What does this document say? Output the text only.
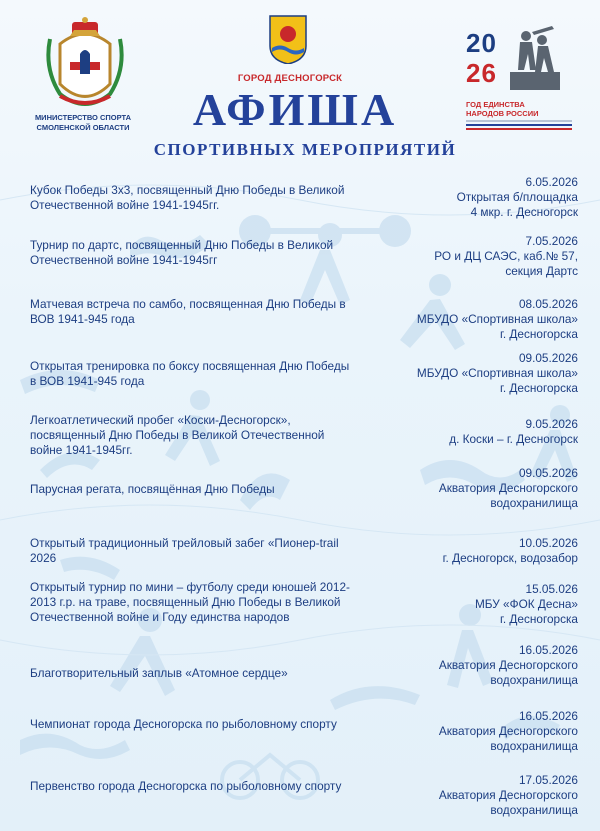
МИНИСТЕРСТВО СПОРТА
СМОЛЕНСКОЙ ОБЛАСТИ
ГОРОД ДЕСНОГОРСК
АФИША
СПОРТИВНЫХ МЕРОПРИЯТИЙ
20
26
ГОД ЕДИНСТВА
НАРОДОВ РОССИИ
Кубок Победы 3х3, посвященный Дню Победы в Великой Отечественной войне 1941-1945гг.
6.05.2026
Открытая б/площадка
4 мкр. г. Десногорск
Турнир по дартс, посвященный Дню Победы в Великой Отечественной войне 1941-1945гг
7.05.2026
РО и ДЦ САЭС, каб.№ 57,
секция Дартс
Матчевая встреча по самбо, посвященная Дню Победы в ВОВ 1941-945 года
08.05.2026
МБУДО «Спортивная школа»
г. Десногорска
Открытая тренировка по боксу посвященная Дню Победы в ВОВ 1941-945 года
09.05.2026
МБУДО «Спортивная школа»
г. Десногорска
Легкоатлетический пробег «Коски-Десногорск», посвященный Дню Победы в Великой Отечественной войне 1941-1945гг.
9.05.2026
д. Коски – г. Десногорск
Парусная регата, посвящённая Дню Победы
09.05.2026
Акватория Десногорского
водохранилища
Открытый традиционный трейловый забег «Пионер-trail 2026
10.05.2026
г. Десногорск, водозабор
Открытый турнир по мини – футболу среди юношей 2012-2013 г.р. на траве, посвященный Дню Победы в Великой Отечественной войне и Году единства народов
15.05.026
МБУ «ФОК Десна»
г. Десногорска
Благотворительный заплыв «Атомное сердце»
16.05.2026
Акватория Десногорского
водохранилища
Чемпионат города Десногорска по рыболовному спорту
16.05.2026
Акватория Десногорского
водохранилища
Первенство города Десногорска по рыболовному спорту	17.05.2026
Акватория Десногорского
водохранилища
